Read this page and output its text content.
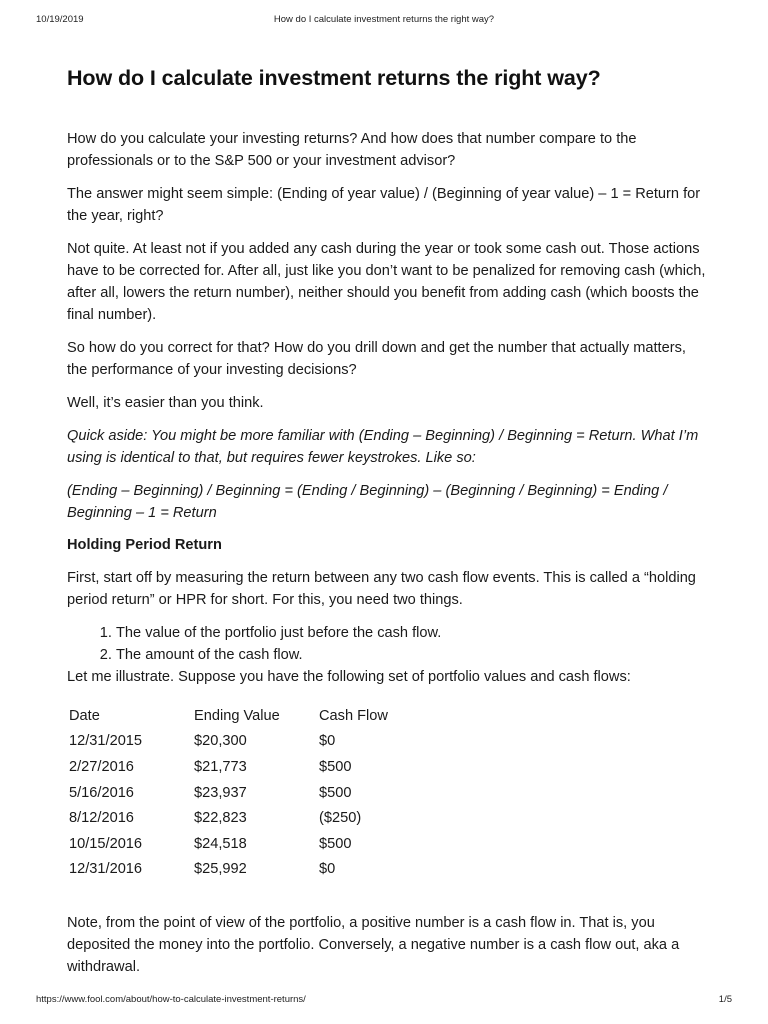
10/19/2019	How do I calculate investment returns the right way?
How do I calculate investment returns the right way?

How do you calculate your investing returns? And how does that number compare to the professionals or to the S&P 500 or your investment advisor?

The answer might seem simple: (Ending of year value) / (Beginning of year value) – 1 = Return for the year, right?

Not quite. At least not if you added any cash during the year or took some cash out. Those actions have to be corrected for. After all, just like you don’t want to be penalized for removing cash (which, after all, lowers the return number), neither should you benefit from adding cash (which boosts the final number).

So how do you correct for that? How do you drill down and get the number that actually matters, the performance of your investing decisions?

Well, it’s easier than you think.

Quick aside: You might be more familiar with (Ending – Beginning) / Beginning = Return. What I’m using is identical to that, but requires fewer keystrokes. Like so:

(Ending – Beginning) / Beginning = (Ending / Beginning) – (Beginning / Beginning) = Ending / Beginning – 1 = Return

Holding Period Return

First, start off by measuring the return between any two cash flow events. This is called a “holding period return” or HPR for short. For this, you need two things.

1. The value of the portfolio just before the cash flow.
2. The amount of the cash flow.

Let me illustrate. Suppose you have the following set of portfolio values and cash flows:

Date	Ending Value	Cash Flow
12/31/2015	$20,300	$0
2/27/2016	$21,773	$500
5/16/2016	$23,937	$500
8/12/2016	$22,823	($250)
10/15/2016	$24,518	$500
12/31/2016	$25,992	$0

Note, from the point of view of the portfolio, a positive number is a cash flow in. That is, you deposited the money into the portfolio. Conversely, a negative number is a cash flow out, aka a withdrawal.

https://www.fool.com/about/how-to-calculate-investment-returns/	1/5
